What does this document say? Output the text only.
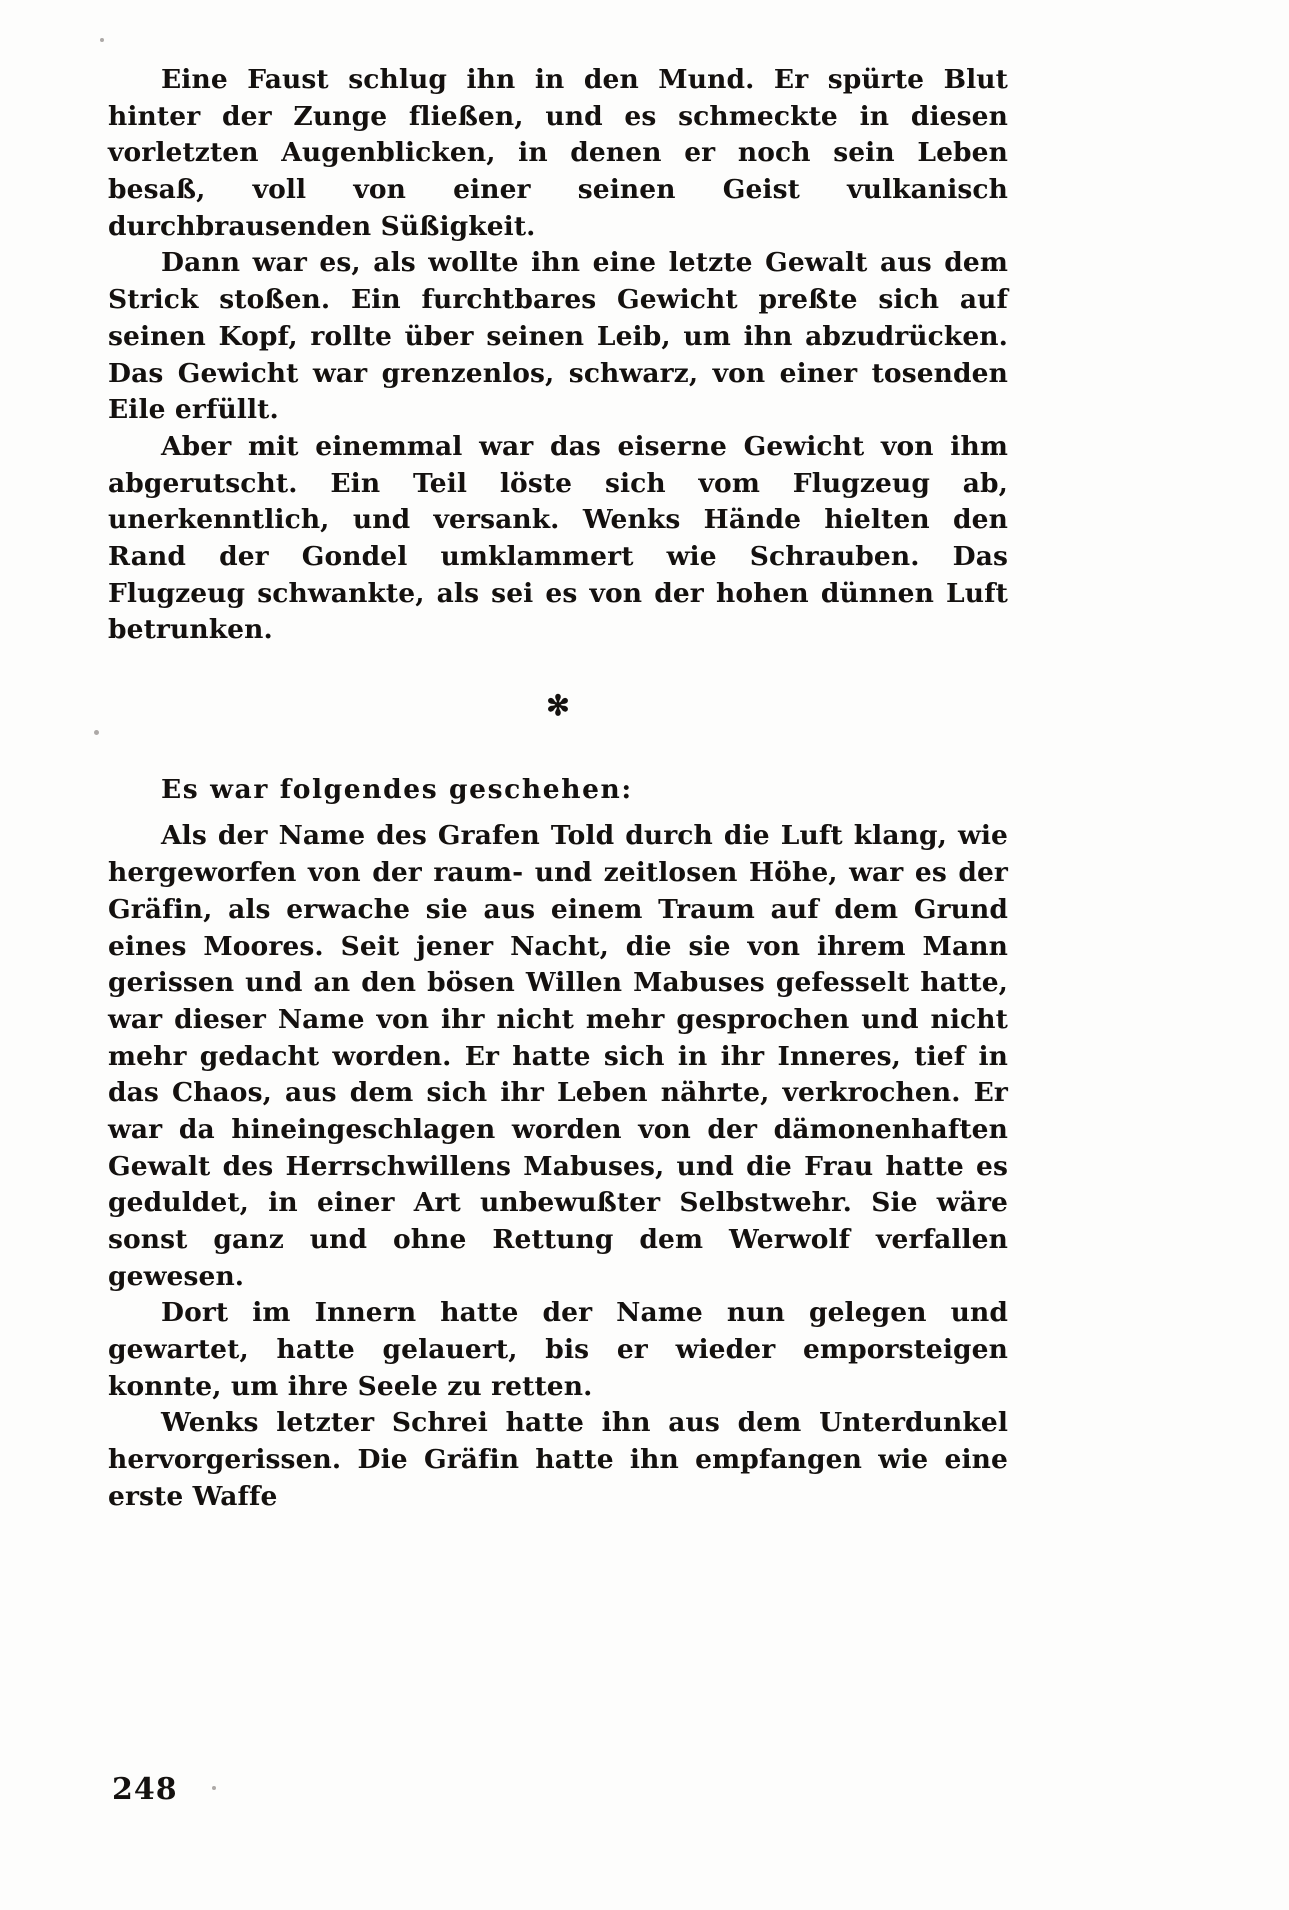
Eine Faust schlug ihn in den Mund. Er spürte Blut hinter der Zunge fließen, und es schmeckte in diesen vorletzten Augenblicken, in denen er noch sein Leben besaß, voll von einer seinen Geist vulkanisch durchbrausenden Süßigkeit.

Dann war es, als wollte ihn eine letzte Gewalt aus dem Strick stoßen. Ein furchtbares Gewicht preßte sich auf seinen Kopf, rollte über seinen Leib, um ihn abzudrücken. Das Gewicht war grenzenlos, schwarz, von einer tosenden Eile erfüllt.

Aber mit einemmal war das eiserne Gewicht von ihm abgerutscht. Ein Teil löste sich vom Flugzeug ab, unerkenntlich, und versank. Wenks Hände hielten den Rand der Gondel umklammert wie Schrauben. Das Flugzeug schwankte, als sei es von der hohen dünnen Luft betrunken.

✻

Es war folgendes geschehen:

Als der Name des Grafen Told durch die Luft klang, wie hergeworfen von der raum- und zeitlosen Höhe, war es der Gräfin, als erwache sie aus einem Traum auf dem Grund eines Moores. Seit jener Nacht, die sie von ihrem Mann gerissen und an den bösen Willen Mabuses gefesselt hatte, war dieser Name von ihr nicht mehr gesprochen und nicht mehr gedacht worden. Er hatte sich in ihr Inneres, tief in das Chaos, aus dem sich ihr Leben nährte, verkrochen. Er war da hineingeschlagen worden von der dämonenhaften Gewalt des Herrschwillens Mabuses, und die Frau hatte es geduldet, in einer Art unbewußter Selbstwehr. Sie wäre sonst ganz und ohne Rettung dem Werwolf verfallen gewesen.

Dort im Innern hatte der Name nun gelegen und gewartet, hatte gelauert, bis er wieder emporsteigen konnte, um ihre Seele zu retten.

Wenks letzter Schrei hatte ihn aus dem Unterdunkel hervorgerissen. Die Gräfin hatte ihn empfangen wie eine erste Waffe

248
